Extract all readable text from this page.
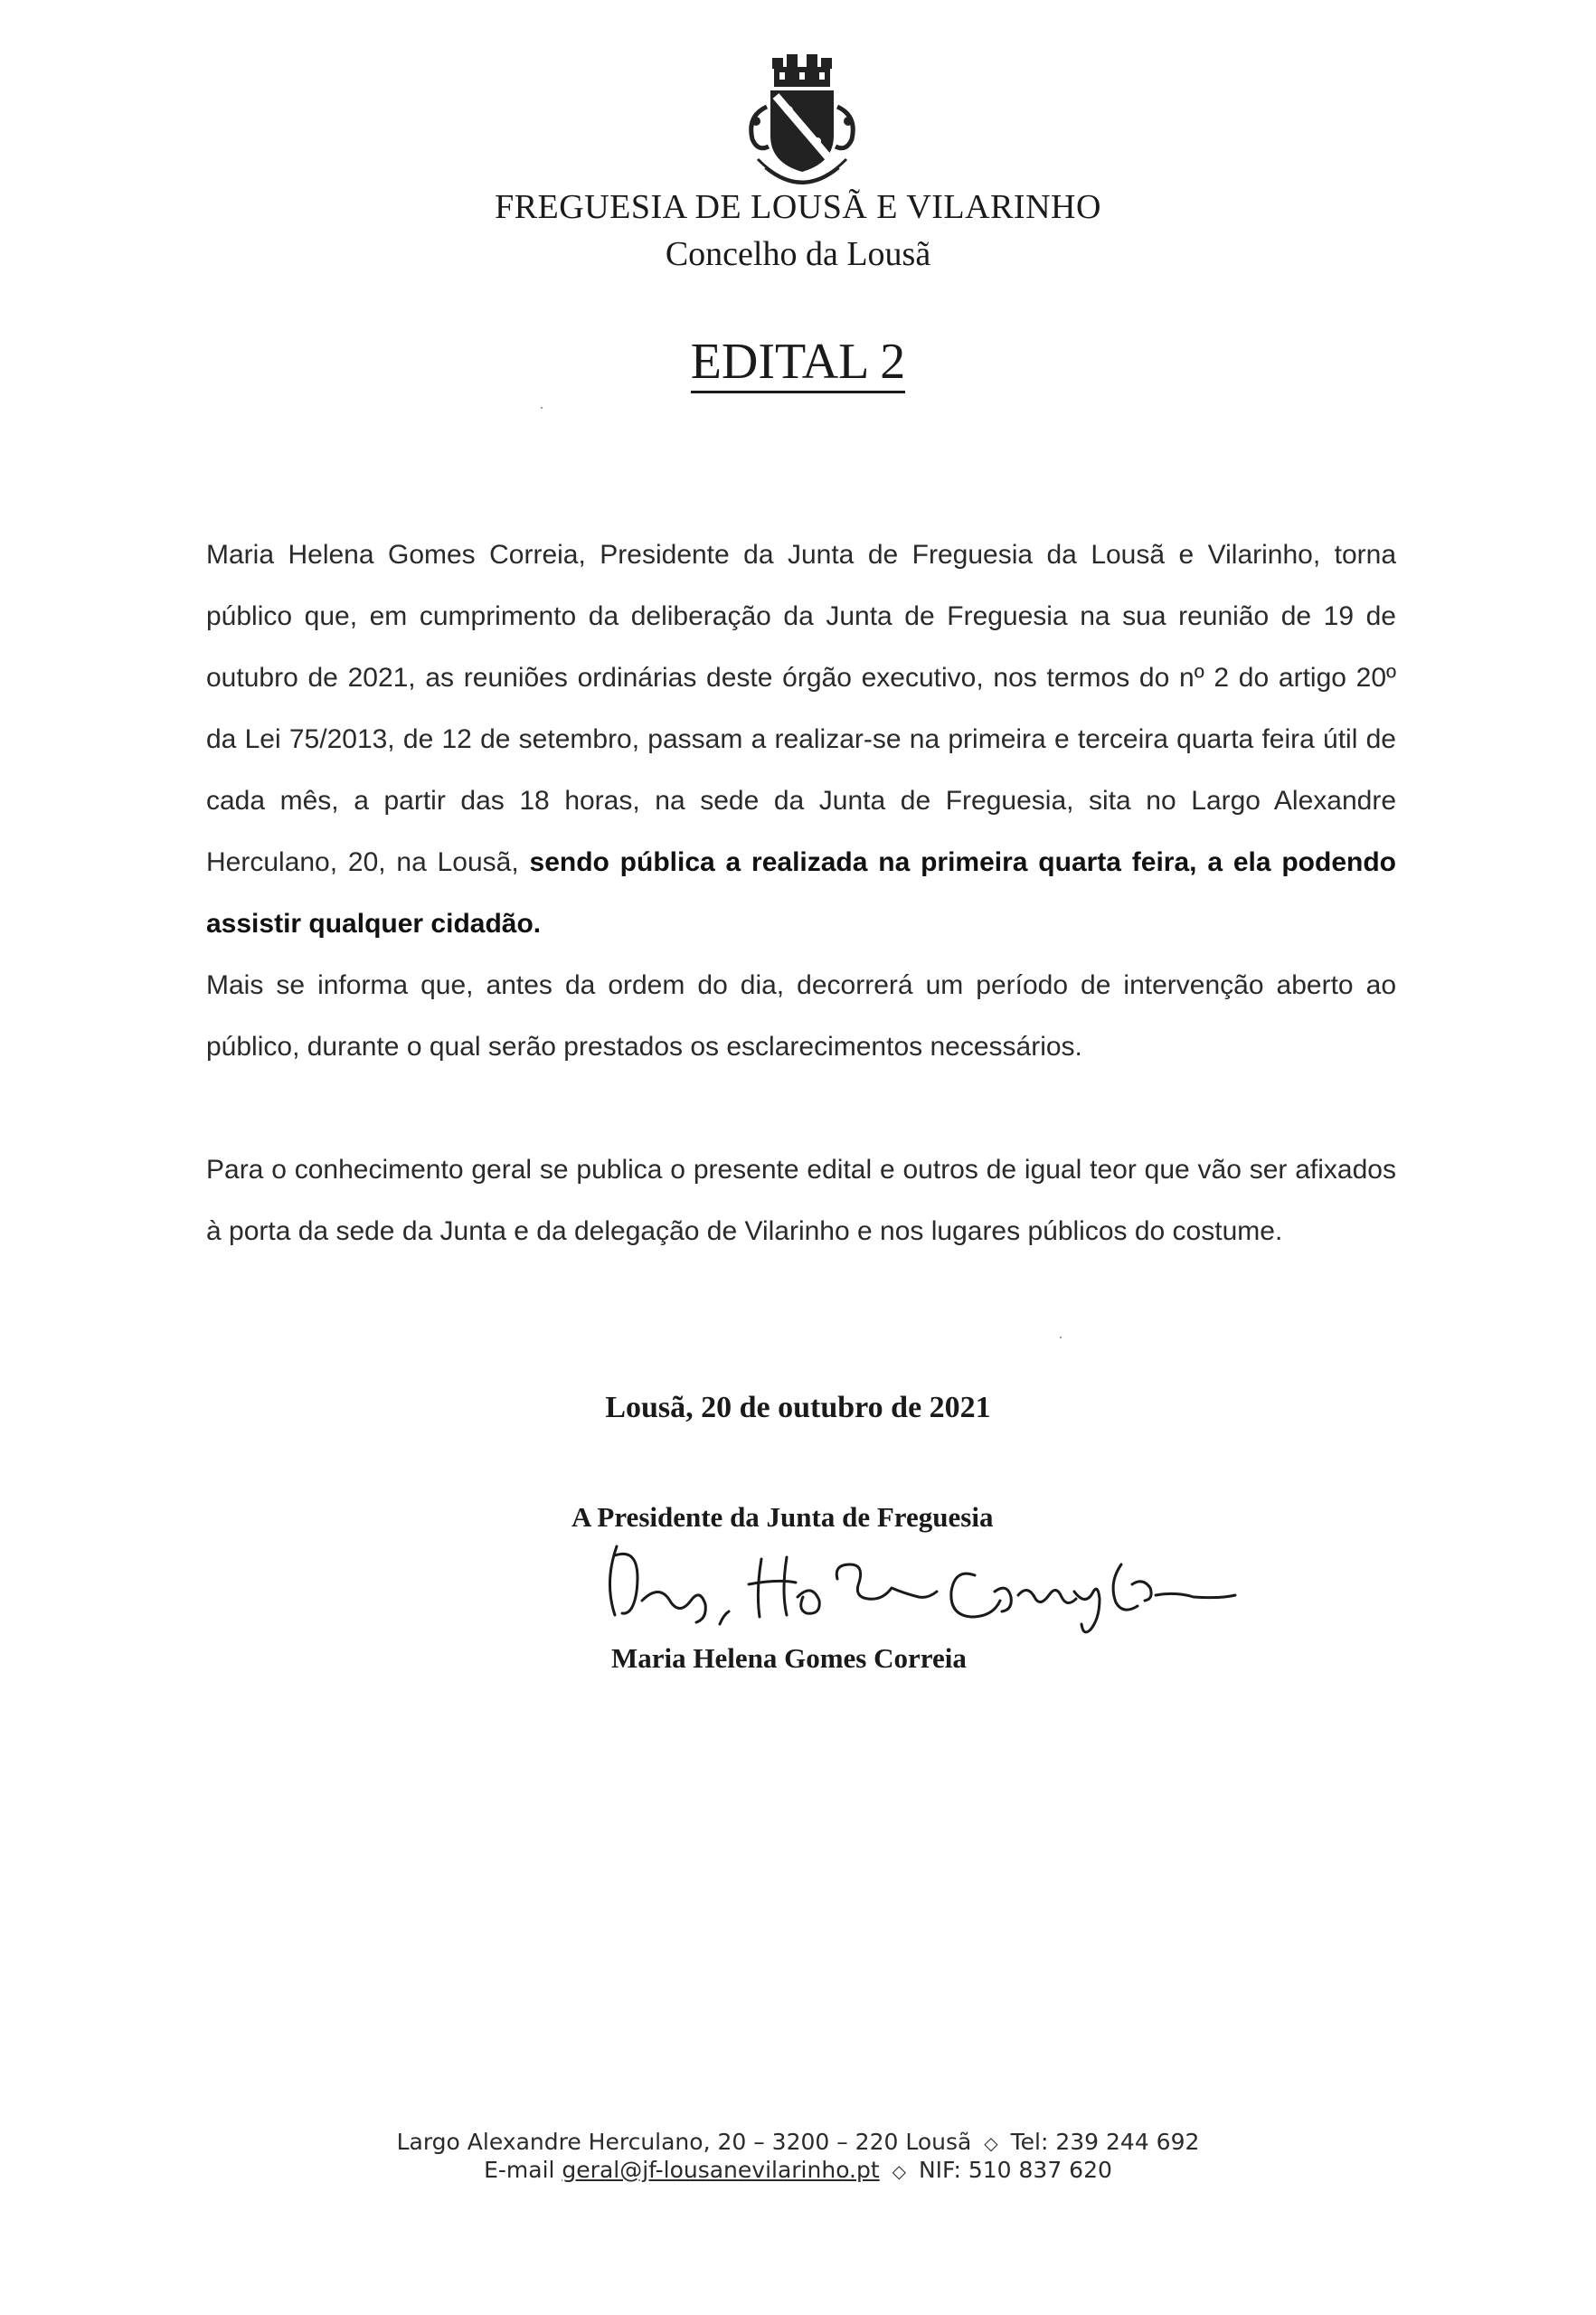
FREGUESIA DE LOUSÃ E VILARINHO
Concelho da Lousã
EDITAL 2

Maria Helena Gomes Correia, Presidente da Junta de Freguesia da Lousã e Vilarinho, torna público que, em cumprimento da deliberação da Junta de Freguesia na sua reunião de 19 de outubro de 2021, as reuniões ordinárias deste órgão executivo, nos termos do nº 2 do artigo 20º da Lei 75/2013, de 12 de setembro, passam a realizar-se na primeira e terceira quarta feira útil de cada mês, a partir das 18 horas, na sede da Junta de Freguesia, sita no Largo Alexandre Herculano, 20, na Lousã, sendo pública a realizada na primeira quarta feira, a ela podendo assistir qualquer cidadão.

Mais se informa que, antes da ordem do dia, decorrerá um período de intervenção aberto ao público, durante o qual serão prestados os esclarecimentos necessários.

Para o conhecimento geral se publica o presente edital e outros de igual teor que vão ser afixados à porta da sede da Junta e da delegação de Vilarinho e nos lugares públicos do costume.

Lousã, 20 de outubro de 2021
A Presidente da Junta de Freguesia
Maria Helena Gomes Correia
Largo Alexandre Herculano, 20 – 3200 – 220 Lousã ◇ Tel: 239 244 692
E-mail geral@jf-lousanevilarinho.pt ◇ NIF: 510 837 620
